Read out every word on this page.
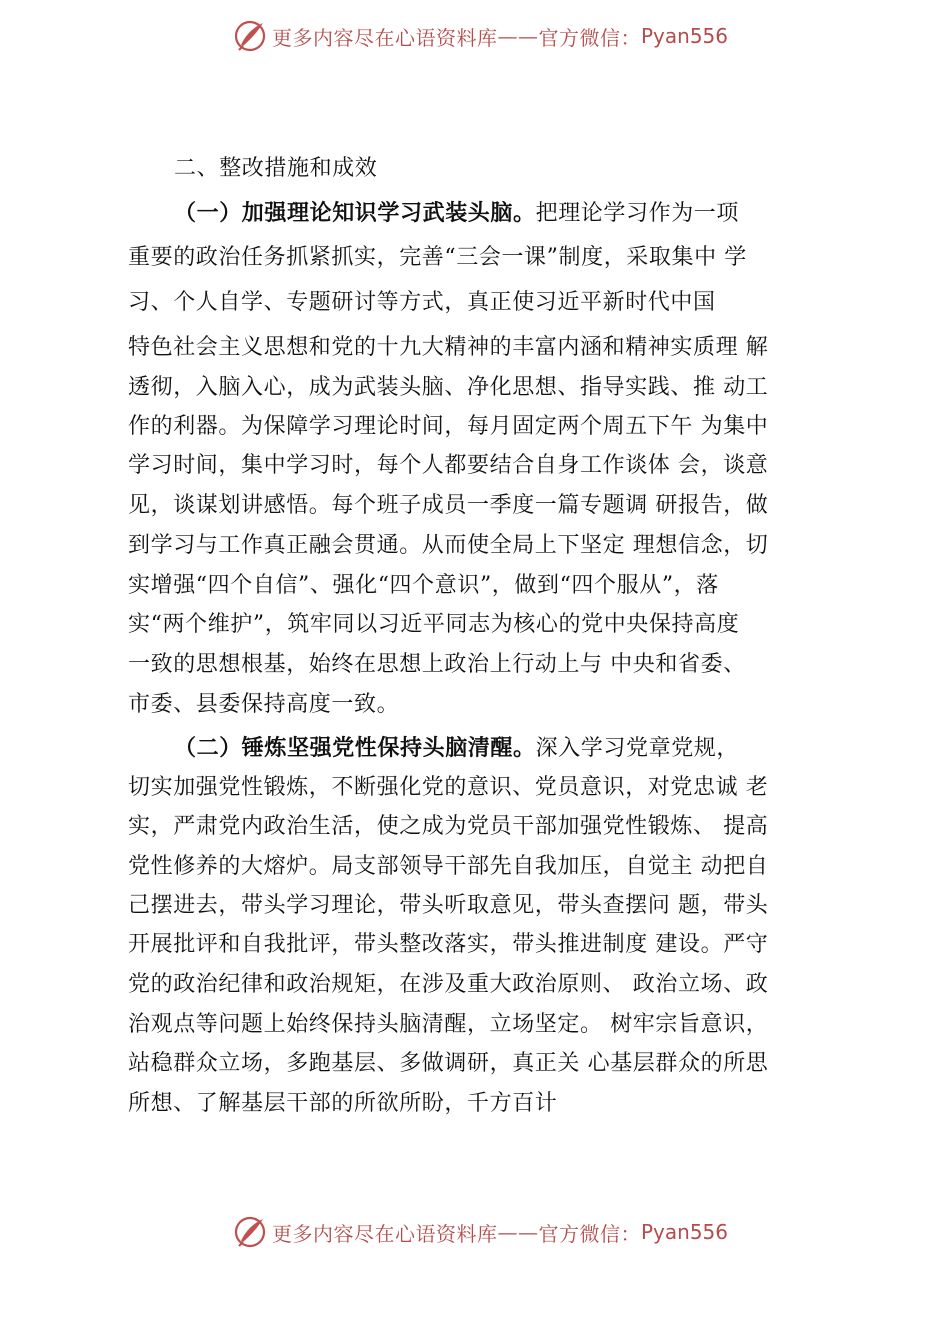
更多内容尽在心语资料库 —— 官方微信： Pyan556
二、整改措施和成效
（一）加强理论知识学习武装头脑。把理论学习作为一项
重要的政治任务抓紧抓实，完善“三会一课”制度，采取集中 学
习、个人自学、专题研讨等方式，真正使习近平新时代中国
特色社会主义思想和党的十九大精神的丰富内涵和精神实质理 解
透彻，入脑入心，成为武装头脑、净化思想、指导实践、推 动工
作的利器。为保障学习理论时间，每月固定两个周五下午 为集中
学习时间，集中学习时，每个人都要结合自身工作谈体 会，谈意
见，谈谋划讲感悟。每个班子成员一季度一篇专题调 研报告，做
到学习与工作真正融会贯通。从而使全局上下坚定 理想信念，切
实增强“四个自信”、强化“四个意识”，做到“四个服从”，落
实“两个维护”，筑牢同以习近平同志为核心的党中央保持高度
一致的思想根基，始终在思想上政治上行动上与 中央和省委、
市委、县委保持高度一致。
（二）锤炼坚强党性保持头脑清醒。深入学习党章党规，
切实加强党性锻炼，不断强化党的意识、党员意识，对党忠诚 老
实，严肃党内政治生活，使之成为党员干部加强党性锻炼、 提高
党性修养的大熔炉。局支部领导干部先自我加压，自觉主 动把自
己摆进去，带头学习理论，带头听取意见，带头查摆问 题，带头
开展批评和自我批评，带头整改落实，带头推进制度 建设。严守
党的政治纪律和政治规矩，在涉及重大政治原则、 政治立场、政
治观点等问题上始终保持头脑清醒，立场坚定。 树牢宗旨意识，
站稳群众立场，多跑基层、多做调研，真正关 心基层群众的所思
所想、了解基层干部的所欲所盼，千方百计
更多内容尽在心语资料库 —— 官方微信： Pyan556
